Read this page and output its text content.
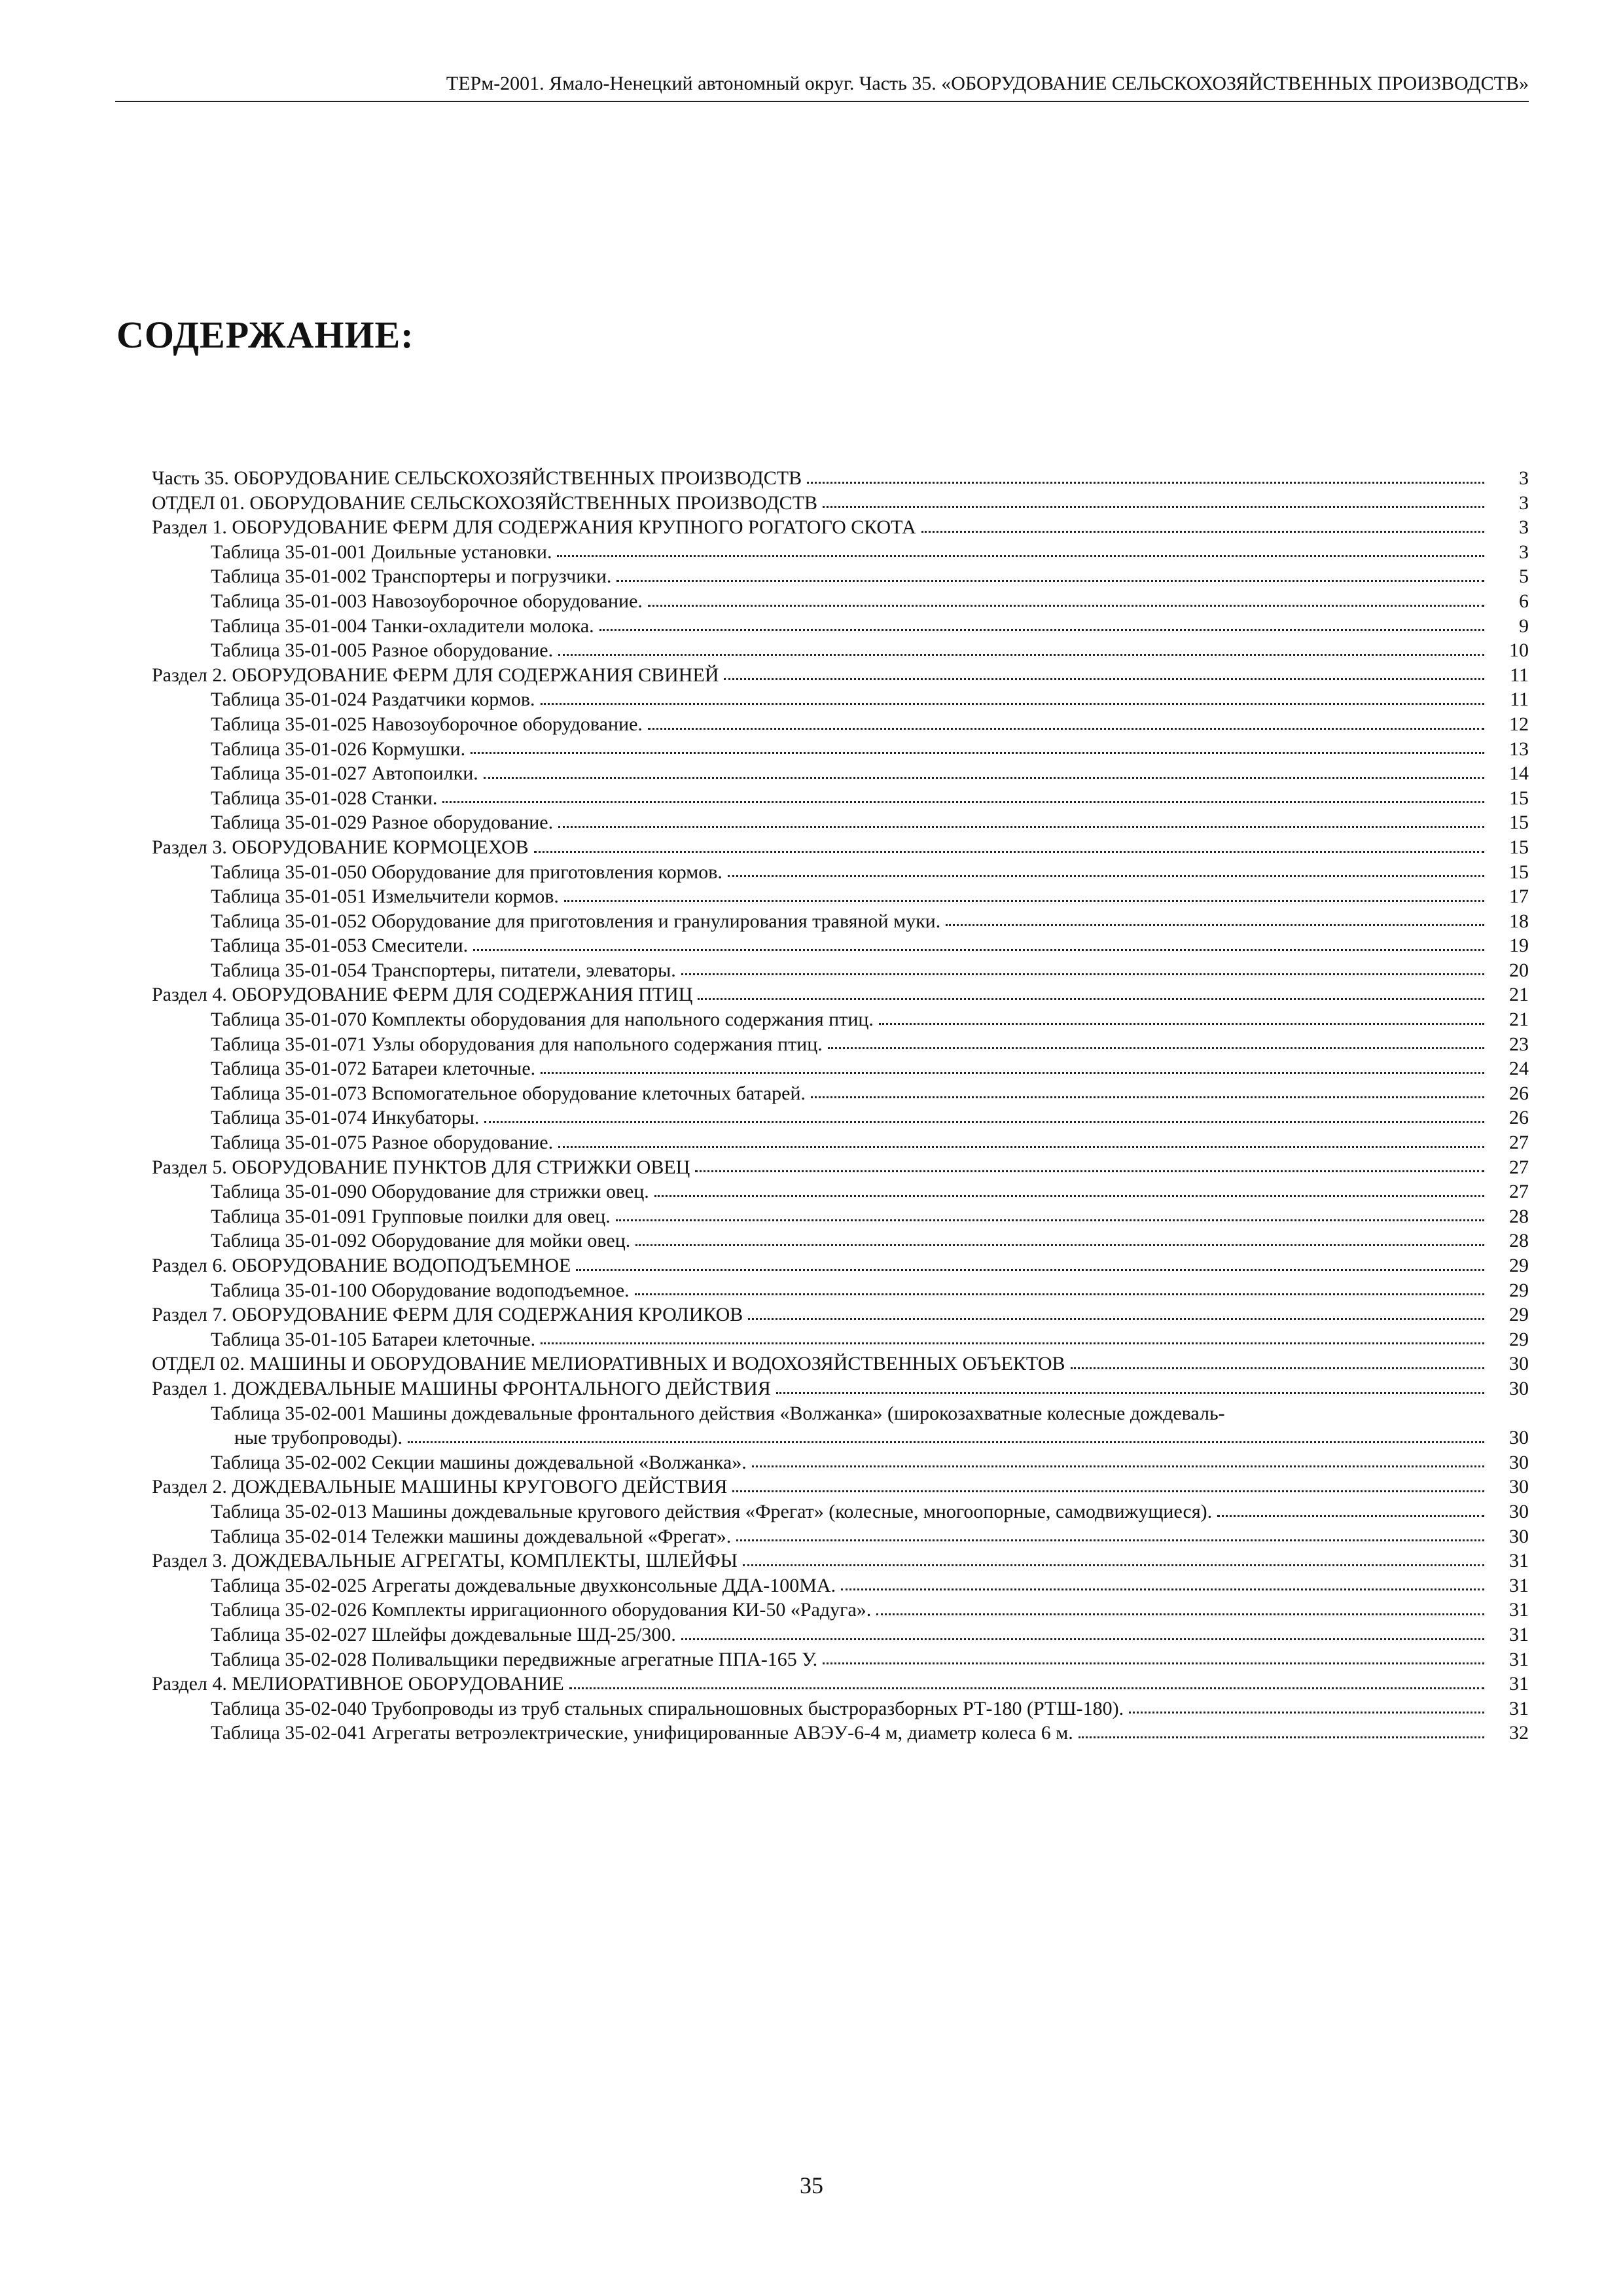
ТЕРм-2001. Ямало-Ненецкий автономный округ. Часть 35. «ОБОРУДОВАНИЕ СЕЛЬСКОХОЗЯЙСТВЕННЫХ ПРОИЗВОДСТВ»
СОДЕРЖАНИЕ:
Часть 35. ОБОРУДОВАНИЕ СЕЛЬСКОХОЗЯЙСТВЕННЫХ ПРОИЗВОДСТВ	3
ОТДЕЛ 01. ОБОРУДОВАНИЕ СЕЛЬСКОХОЗЯЙСТВЕННЫХ ПРОИЗВОДСТВ	3
Раздел 1. ОБОРУДОВАНИЕ ФЕРМ ДЛЯ СОДЕРЖАНИЯ КРУПНОГО РОГАТОГО СКОТА	3
Таблица 35-01-001 Доильные установки.	3
Таблица 35-01-002 Транспортеры и погрузчики.	5
Таблица 35-01-003 Навозоуборочное оборудование.	6
Таблица 35-01-004 Танки-охладители молока.	9
Таблица 35-01-005 Разное оборудование.	10
Раздел 2. ОБОРУДОВАНИЕ ФЕРМ ДЛЯ СОДЕРЖАНИЯ СВИНЕЙ	11
Таблица 35-01-024 Раздатчики кормов.	11
Таблица 35-01-025 Навозоуборочное оборудование.	12
Таблица 35-01-026 Кормушки.	13
Таблица 35-01-027 Автопоилки.	14
Таблица 35-01-028 Станки.	15
Таблица 35-01-029 Разное оборудование.	15
Раздел 3. ОБОРУДОВАНИЕ КОРМОЦЕХОВ	15
Таблица 35-01-050 Оборудование для приготовления кормов.	15
Таблица 35-01-051 Измельчители кормов.	17
Таблица 35-01-052 Оборудование для приготовления и гранулирования травяной муки.	18
Таблица 35-01-053 Смесители.	19
Таблица 35-01-054 Транспортеры, питатели, элеваторы.	20
Раздел 4. ОБОРУДОВАНИЕ ФЕРМ ДЛЯ СОДЕРЖАНИЯ ПТИЦ	21
Таблица 35-01-070 Комплекты оборудования для напольного содержания птиц.	21
Таблица 35-01-071 Узлы оборудования для напольного содержания птиц.	23
Таблица 35-01-072 Батареи клеточные.	24
Таблица 35-01-073 Вспомогательное оборудование клеточных батарей.	26
Таблица 35-01-074 Инкубаторы.	26
Таблица 35-01-075 Разное оборудование.	27
Раздел 5. ОБОРУДОВАНИЕ ПУНКТОВ ДЛЯ СТРИЖКИ ОВЕЦ	27
Таблица 35-01-090 Оборудование для стрижки овец.	27
Таблица 35-01-091 Групповые поилки для овец.	28
Таблица 35-01-092 Оборудование для мойки овец.	28
Раздел 6. ОБОРУДОВАНИЕ ВОДОПОДЪЕМНОЕ	29
Таблица 35-01-100 Оборудование водоподъемное.	29
Раздел 7. ОБОРУДОВАНИЕ ФЕРМ ДЛЯ СОДЕРЖАНИЯ КРОЛИКОВ	29
Таблица 35-01-105 Батареи клеточные.	29
ОТДЕЛ 02. МАШИНЫ И ОБОРУДОВАНИЕ МЕЛИОРАТИВНЫХ И ВОДОХОЗЯЙСТВЕННЫХ ОБЪЕКТОВ	30
Раздел 1. ДОЖДЕВАЛЬНЫЕ МАШИНЫ ФРОНТАЛЬНОГО ДЕЙСТВИЯ	30
Таблица 35-02-001 Машины дождевальные фронтального действия «Волжанка» (широкозахватные колесные дождеваль-
ные трубопроводы).	30
Таблица 35-02-002 Секции машины дождевальной «Волжанка».	30
Раздел 2. ДОЖДЕВАЛЬНЫЕ МАШИНЫ КРУГОВОГО ДЕЙСТВИЯ	30
Таблица 35-02-013 Машины дождевальные кругового действия «Фрегат» (колесные, многоопорные, самодвижущиеся).	30
Таблица 35-02-014 Тележки машины дождевальной «Фрегат».	30
Раздел 3. ДОЖДЕВАЛЬНЫЕ АГРЕГАТЫ, КОМПЛЕКТЫ, ШЛЕЙФЫ	31
Таблица 35-02-025 Агрегаты дождевальные двухконсольные ДДА-100МА.	31
Таблица 35-02-026 Комплекты ирригационного оборудования КИ-50 «Радуга».	31
Таблица 35-02-027 Шлейфы дождевальные ШД-25/300.	31
Таблица 35-02-028 Поливальщики передвижные агрегатные ППА-165 У.	31
Раздел 4. МЕЛИОРАТИВНОЕ ОБОРУДОВАНИЕ	31
Таблица 35-02-040 Трубопроводы из труб стальных спиральношовных быстроразборных РТ-180 (РТШ-180).	31
Таблица 35-02-041 Агрегаты ветроэлектрические, унифицированные АВЭУ-6-4 м, диаметр колеса 6 м.	32
35
